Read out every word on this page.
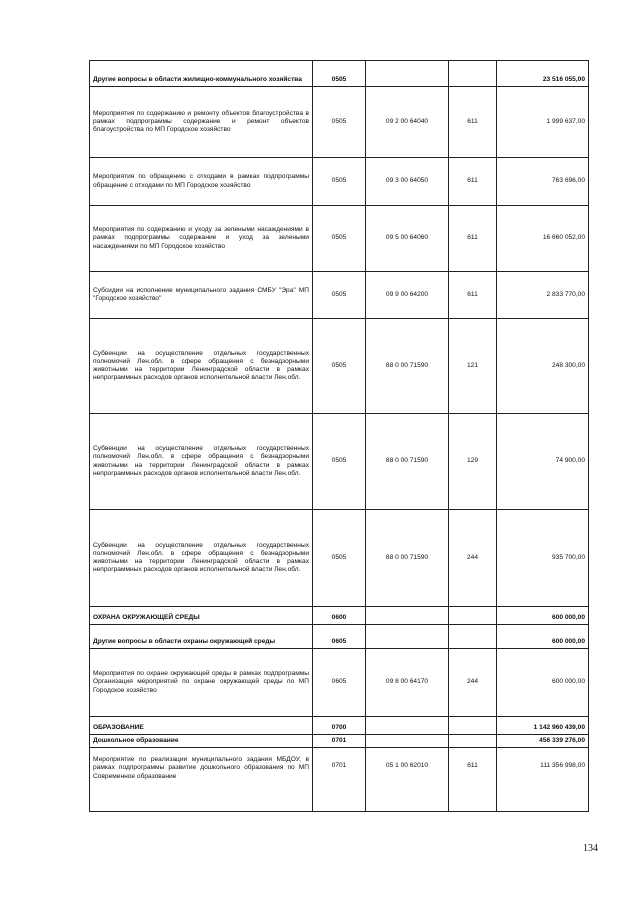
Другие вопросы в области жилищно-коммунального хозяйства	0505			23 516 055,00
Мероприятия по содержанию и ремонту объектов благоустройства в рамках подпрограммы содержание и ремонт объектов благоустройства по МП Городское хозяйство	0505	09 2 00 64040	611	1 999 637,00
Мероприятия по обращению с отходами в рамках подпрограммы обращение с отходами по МП Городское хозяйство	0505	09 3 00 64050	611	763 696,00
Мероприятия по содержанию и уходу за зелеными насаждениями в рамках подпрограммы содержание и уход за зелеными насаждениями по МП Городское хозяйство	0505	09 5 00 64060	611	16 660 052,00
Субсидии на исполнение муниципального задания СМБУ "Эра" МП "Городское хозяйство"	0505	09 9 00 64200	611	2 833 770,00
Субвенции на осуществление отдельных государственных полномочий Лен.обл. в сфере обращения с безнадзорными животными на территории Ленинградской области в рамках непрограммных расходов органов исполнительной власти Лен.обл.	0505	88 0 00 71590	121	248 300,00
Субвенции на осуществление отдельных государственных полномочий Лен.обл. в сфере обращения с безнадзорными животными на территории Ленинградской области в рамках непрограммных расходов органов исполнительной власти Лен.обл.	0505	88 0 00 71590	129	74 900,00
Субвенции на осуществление отдельных государственных полномочий Лен.обл. в сфере обращения с безнадзорными животными на территории Ленинградской области в рамках непрограммных расходов органов исполнительной власти Лен.обл.	0505	88 0 00 71590	244	935 700,00
ОХРАНА ОКРУЖАЮЩЕЙ СРЕДЫ	0600			600 000,00
Другие вопросы в области охраны окружающей среды	0605			600 000,00
Мероприятия по охране окружающей среды в рамках подпрограммы Организация мероприятий по охране окружающей среды по МП Городское хозяйство	0605	09 8 00 64170	244	600 000,00
ОБРАЗОВАНИЕ	0700			1 142 960 439,00
Дошкольное образование	0701			456 339 276,00
Мероприятие по реализации муниципального задания МБДОУ, в рамках подпрограммы развитие дошкольного образования по МП Современное образование	0701	05 1 00 62010	611	111 356 998,00
134
